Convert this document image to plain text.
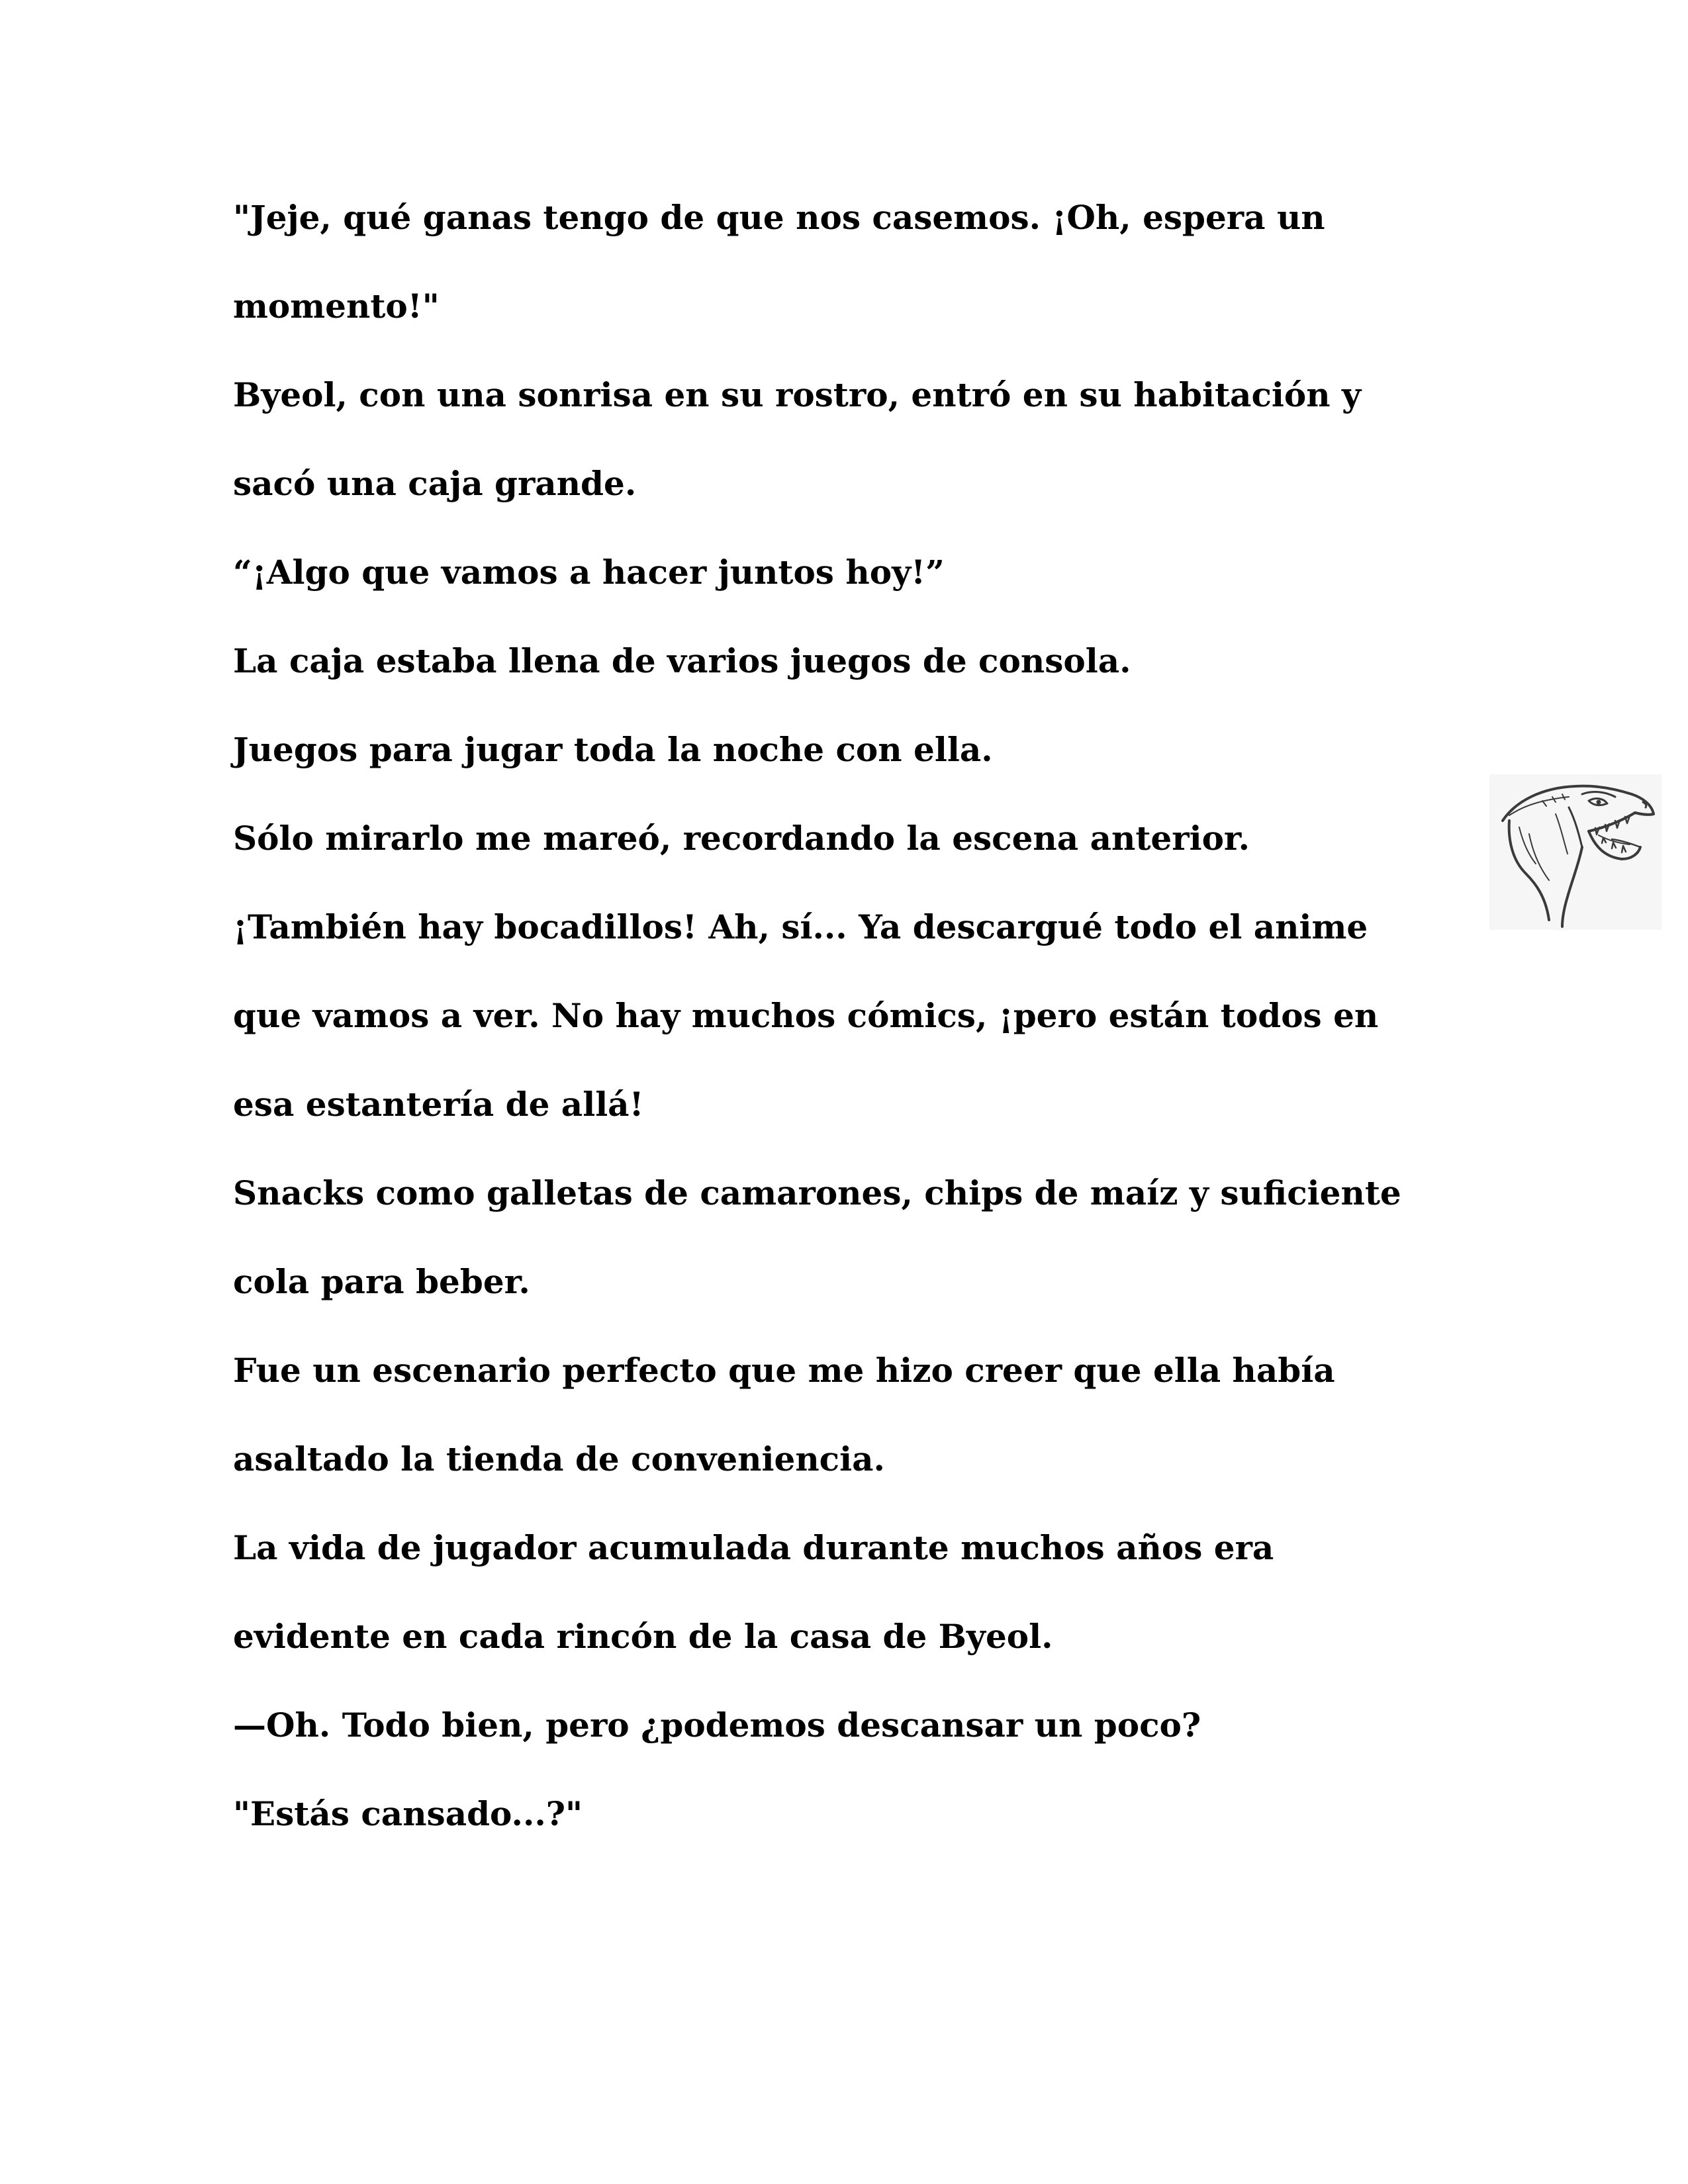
"Jeje, qué ganas tengo de que nos casemos. ¡Oh, espera un
momento!"
Byeol, con una sonrisa en su rostro, entró en su habitación y
sacó una caja grande.
“¡Algo que vamos a hacer juntos hoy!”
La caja estaba llena de varios juegos de consola.
Juegos para jugar toda la noche con ella.
Sólo mirarlo me mareó, recordando la escena anterior.
¡También hay bocadillos! Ah, sí... Ya descargué todo el anime
que vamos a ver. No hay muchos cómics, ¡pero están todos en
esa estantería de allá!
Snacks como galletas de camarones, chips de maíz y suficiente
cola para beber.
Fue un escenario perfecto que me hizo creer que ella había
asaltado la tienda de conveniencia.
La vida de jugador acumulada durante muchos años era
evidente en cada rincón de la casa de Byeol.
—Oh. Todo bien, pero ¿podemos descansar un poco?
"Estás cansado...?"
